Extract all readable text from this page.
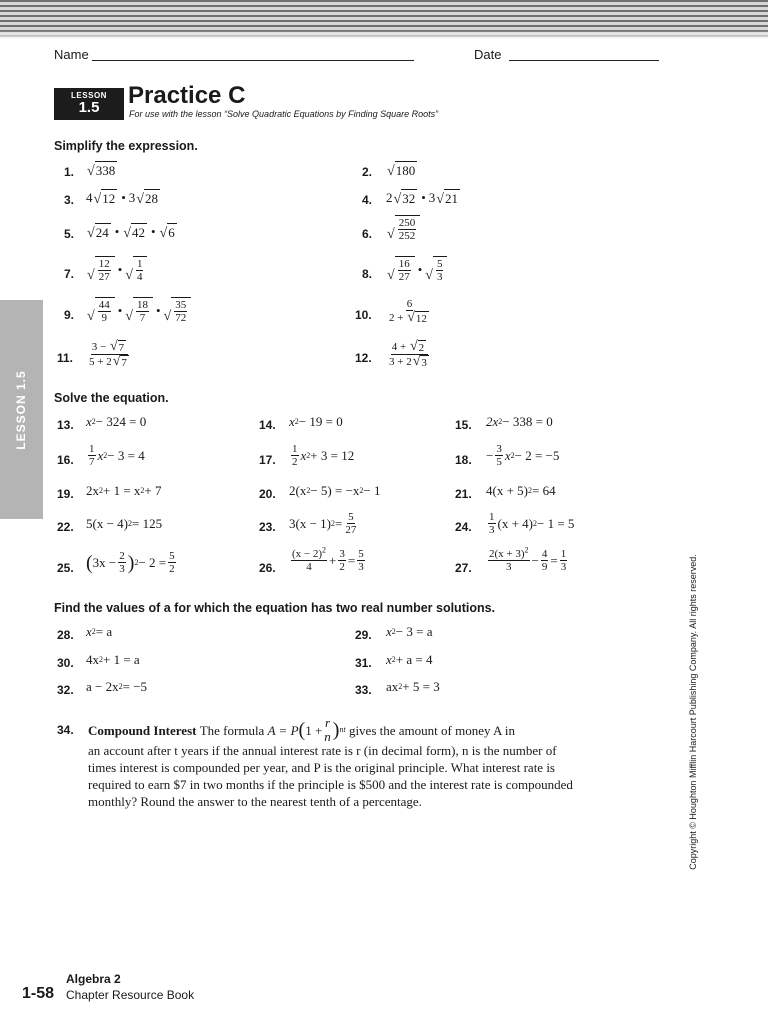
Name	Date
LESSON
1.5	Practice C
For use with the lesson “Solve Quadratic Equations by Finding Square Roots”
Simplify the expression.
1. √ 338	2. √ 180
3. 4 √ 12 • 3 √ 28	4. 2 √ 32 • 3 √ 21
5. √ 24 • √ 42 • √ 6	6. √
250
252
7. √
12
27
• √
1
4	8. √
16
27
• √
5
3
9. √
44
9
• √
18
7
• √
35
72	10.
6
2 + √ 12
11.
3 − √ 7
5 + 2 √ 7	12.
4 + √ 2
3 + 2 √ 3
Solve the equation.
13. x 2 − 324 = 0	14. x 2 − 19 = 0	15. 2x 2 − 338 = 0
16.
1
7 x 2 − 3 = 4	17.
1
2 x 2 + 3 = 12	18. − $\frac{3}{5}$ x 2 − 2 = −5
19. 2x 2 + 1 = x 2 + 7	20. 2(x 2 − 5) = −x 2 − 1	21. 4(x + 5) 2 = 64
22. 5(x − 4) 2 = 125	23. 3(x − 1) $2 = \frac{5}{27}$	24.
1
3 (x + 4) 2 − 1 = 5
25. ( $3x - \frac{2}{3}$ ) $2 - 2 = \frac{5}{2}$	26.
$(x - 2)^2$
$4 + \frac{3}{2} = \frac{5}{3}$	27.
$2(x + 3)^2$
$3 - \frac{4}{9} = \frac{1}{3}$
Find the values of a for which the equation has two real number solutions.
28. x 2 = a	29. x 2 − 3 = a
30. 4x 2 + 1 = a	31. x 2 + a = 4
32. a − 2x 2 = −5	33. ax 2 + 5 = 3
34. Compound Interest
The formula
A = P ( 1 +
r
n ) nt
gives the amount of money A in
an account after t years if the annual interest rate is r (in decimal form), n is the number of times interest is compounded per year, and P is the original principle. What interest rate is required to earn $7 in two months if the principle is $500 and the interest rate is compounded monthly? Round the answer to the nearest tenth of a percentage.
LESSON 1.5
Copyright © Houghton Mifflin Harcourt Publishing Company. All rights reserved.
1-58
Algebra 2
Chapter Resource Book
